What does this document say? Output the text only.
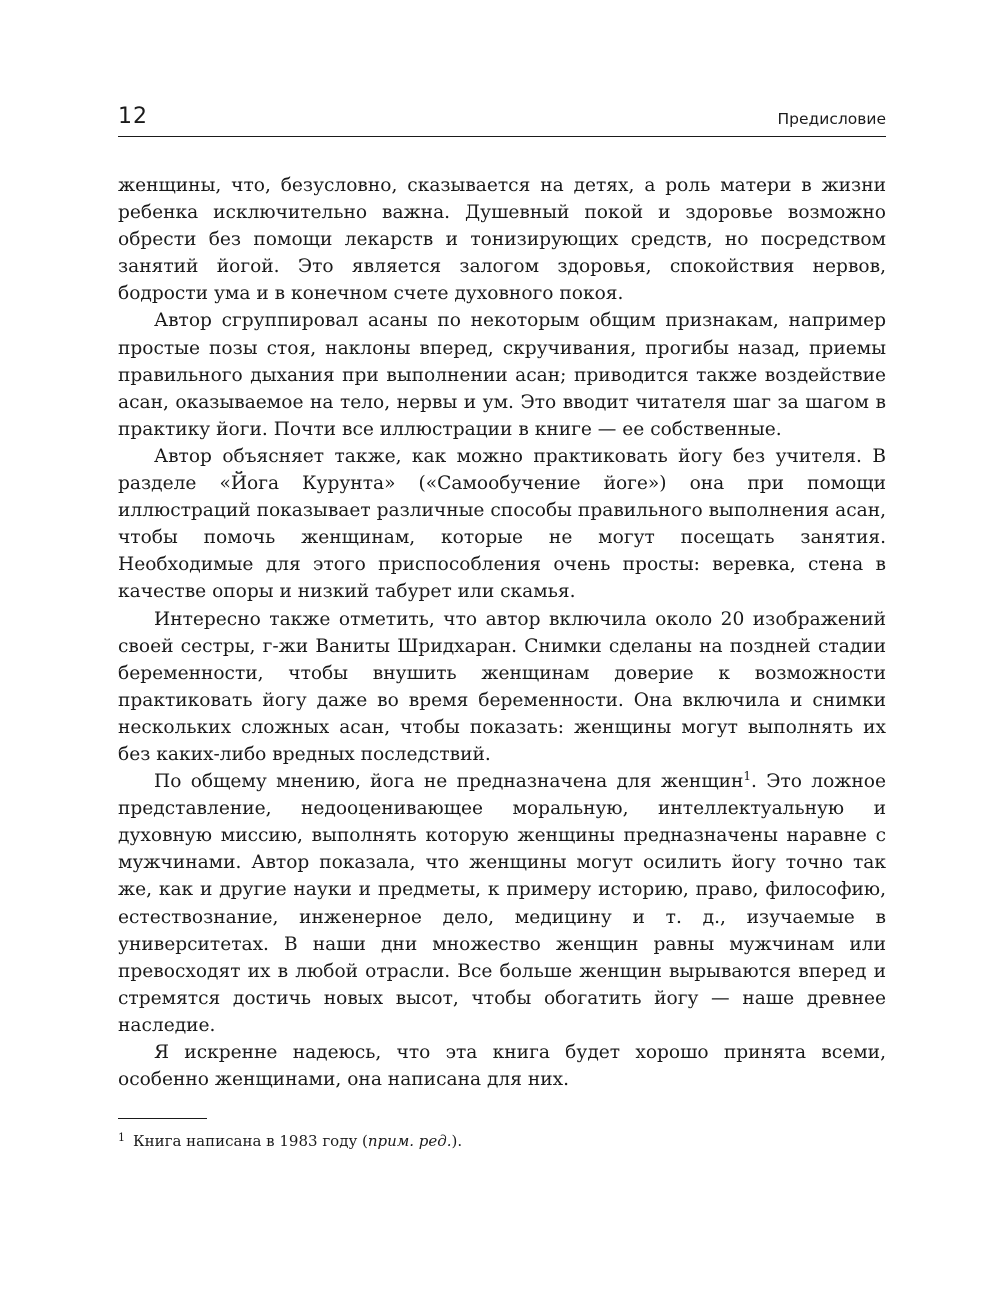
12	Предисловие

женщины, что, безусловно, сказывается на детях, а роль матери в жизни ребенка исключительно важна. Душевный покой и здоровье возможно обрести без помощи лекарств и тонизирующих средств, но посредством занятий йогой. Это является залогом здоровья, спокойствия нервов, бодрости ума и в конечном счете духовного покоя.

Автор сгруппировал асаны по некоторым общим признакам, например простые позы стоя, наклоны вперед, скручивания, прогибы назад, приемы правильного дыхания при выполнении асан; приводится также воздействие асан, оказываемое на тело, нервы и ум. Это вводит читателя шаг за шагом в практику йоги. Почти все иллюстрации в книге — ее собственные.

Автор объясняет также, как можно практиковать йогу без учителя. В разделе «Йога Курунта» («Самообучение йоге») она при помощи иллюстраций показывает различные способы правильного выполнения асан, чтобы помочь женщинам, которые не могут посещать занятия. Необходимые для этого приспособления очень просты: веревка, стена в качестве опоры и низкий табурет или скамья.

Интересно также отметить, что автор включила около 20 изображений своей сестры, г-жи Ваниты Шридхаран. Снимки сделаны на поздней стадии беременности, чтобы внушить женщинам доверие к возможности практиковать йогу даже во время беременности. Она включила и снимки нескольких сложных асан, чтобы показать: женщины могут выполнять их без каких-либо вредных последствий.

По общему мнению, йога не предназначена для женщин$^1$. Это ложное представление, недооценивающее моральную, интеллектуальную и духовную миссию, выполнять которую женщины предназначены наравне с мужчинами. Автор показала, что женщины могут осилить йогу точно так же, как и другие науки и предметы, к примеру историю, право, философию, естествознание, инженерное дело, медицину и т. д., изучаемые в университетах. В наши дни множество женщин равны мужчинам или превосходят их в любой отрасли. Все больше женщин вырываются вперед и стремятся достичь новых высот, чтобы обогатить йогу — наше древнее наследие.

Я искренне надеюсь, что эта книга будет хорошо принята всеми, особенно женщинами, она написана для них.

$^1$ Книга написана в 1983 году (прим. ред.).
